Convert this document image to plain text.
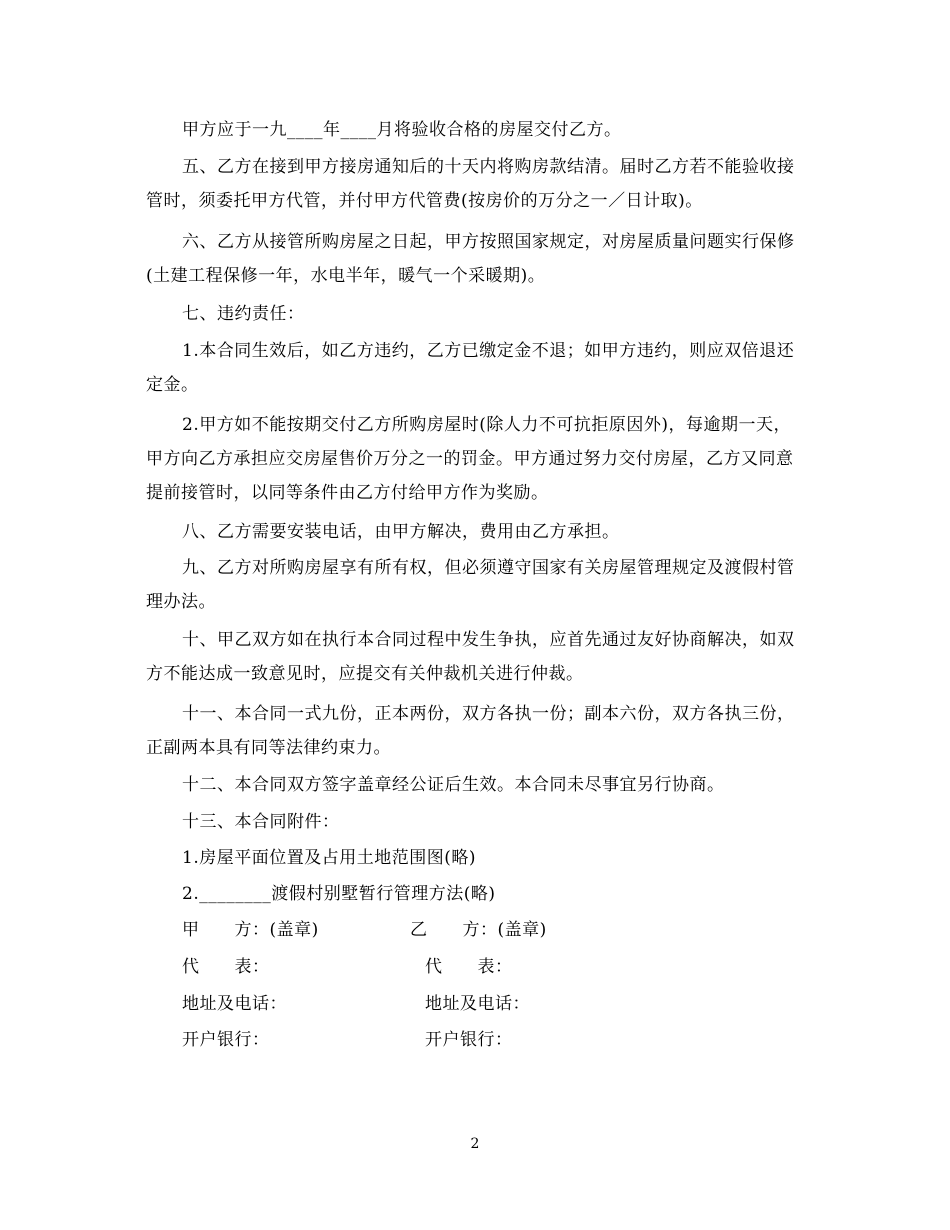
甲方应于一九____年____月将验收合格的房屋交付乙方。

五、乙方在接到甲方接房通知后的十天内将购房款结清。届时乙方若不能验收接管时，须委托甲方代管，并付甲方代管费(按房价的万分之一／日计取)。

六、乙方从接管所购房屋之日起，甲方按照国家规定，对房屋质量问题实行保修(土建工程保修一年，水电半年，暖气一个采暖期)。

七、违约责任：

1.本合同生效后，如乙方违约，乙方已缴定金不退；如甲方违约，则应双倍退还定金。

2.甲方如不能按期交付乙方所购房屋时(除人力不可抗拒原因外)，每逾期一天，甲方向乙方承担应交房屋售价万分之一的罚金。甲方通过努力交付房屋，乙方又同意提前接管时，以同等条件由乙方付给甲方作为奖励。

八、乙方需要安装电话，由甲方解决，费用由乙方承担。

九、乙方对所购房屋享有所有权，但必须遵守国家有关房屋管理规定及渡假村管理办法。

十、甲乙双方如在执行本合同过程中发生争执，应首先通过友好协商解决，如双方不能达成一致意见时，应提交有关仲裁机关进行仲裁。

十一、本合同一式九份，正本两份，双方各执一份；副本六份，双方各执三份，正副两本具有同等法律约束力。

十二、本合同双方签字盖章经公证后生效。本合同未尽事宜另行协商。

十三、本合同附件：

1.房屋平面位置及占用土地范围图(略)

2.________渡假村别墅暂行管理方法(略)

甲　　方：(盖章)	乙　　方：(盖章)
代　　表：	代　　表：
地址及电话：	地址及电话：
开户银行：	开户银行：
2
